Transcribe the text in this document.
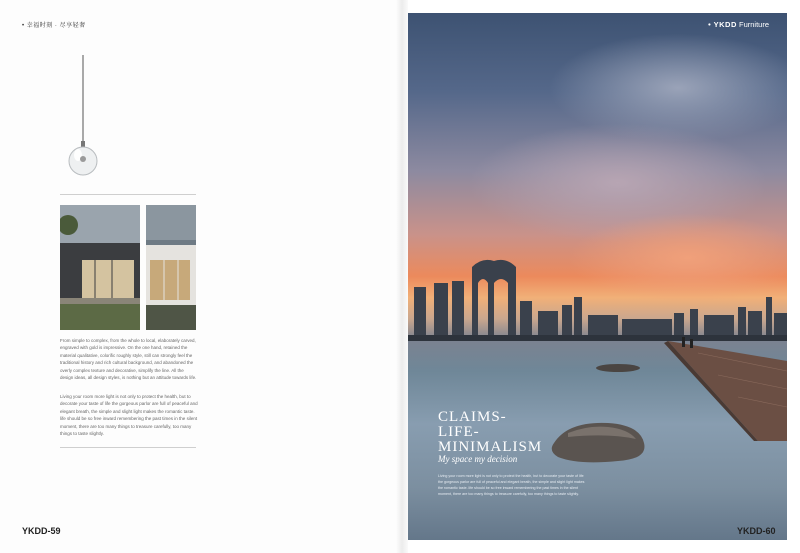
• 幸福时刻 · 尽享轻奢
From simple to complex, from the whole to local, elaborately carved, engraved with gold is impressive. On the one hand, retained the material qualitative, colorific roughly style, still can strongly feel the traditional history and rich cultural background, and abandoned the overly complex texture and decorative, simplify the line. All the design ideas, all design styles, is nothing but an attitude towards life.
Living your room more light is not only to protect the health, but to decorate your taste of life the gorgeous parlor are full of peaceful and elegant breath, the simple and slight light makes the romantic taste. life should be so free inward remembering the past times in the silent moment, there are too many things to treasure carefully, too many things to taste slightly.
YKDD-59
• YKDD Furniture
CLAIMS-
LIFE-
MINIMALISM
My space my decision
Living your room more light is not only to protect the health, but to decorate your taste of life the gorgeous parlor are full of peaceful and elegant breath, the simple and slight light makes the romantic taste. life should be so free inward remembering the past times in the silent moment, there are too many things to treasure carefully, too many things to taste slightly.
YKDD-60
